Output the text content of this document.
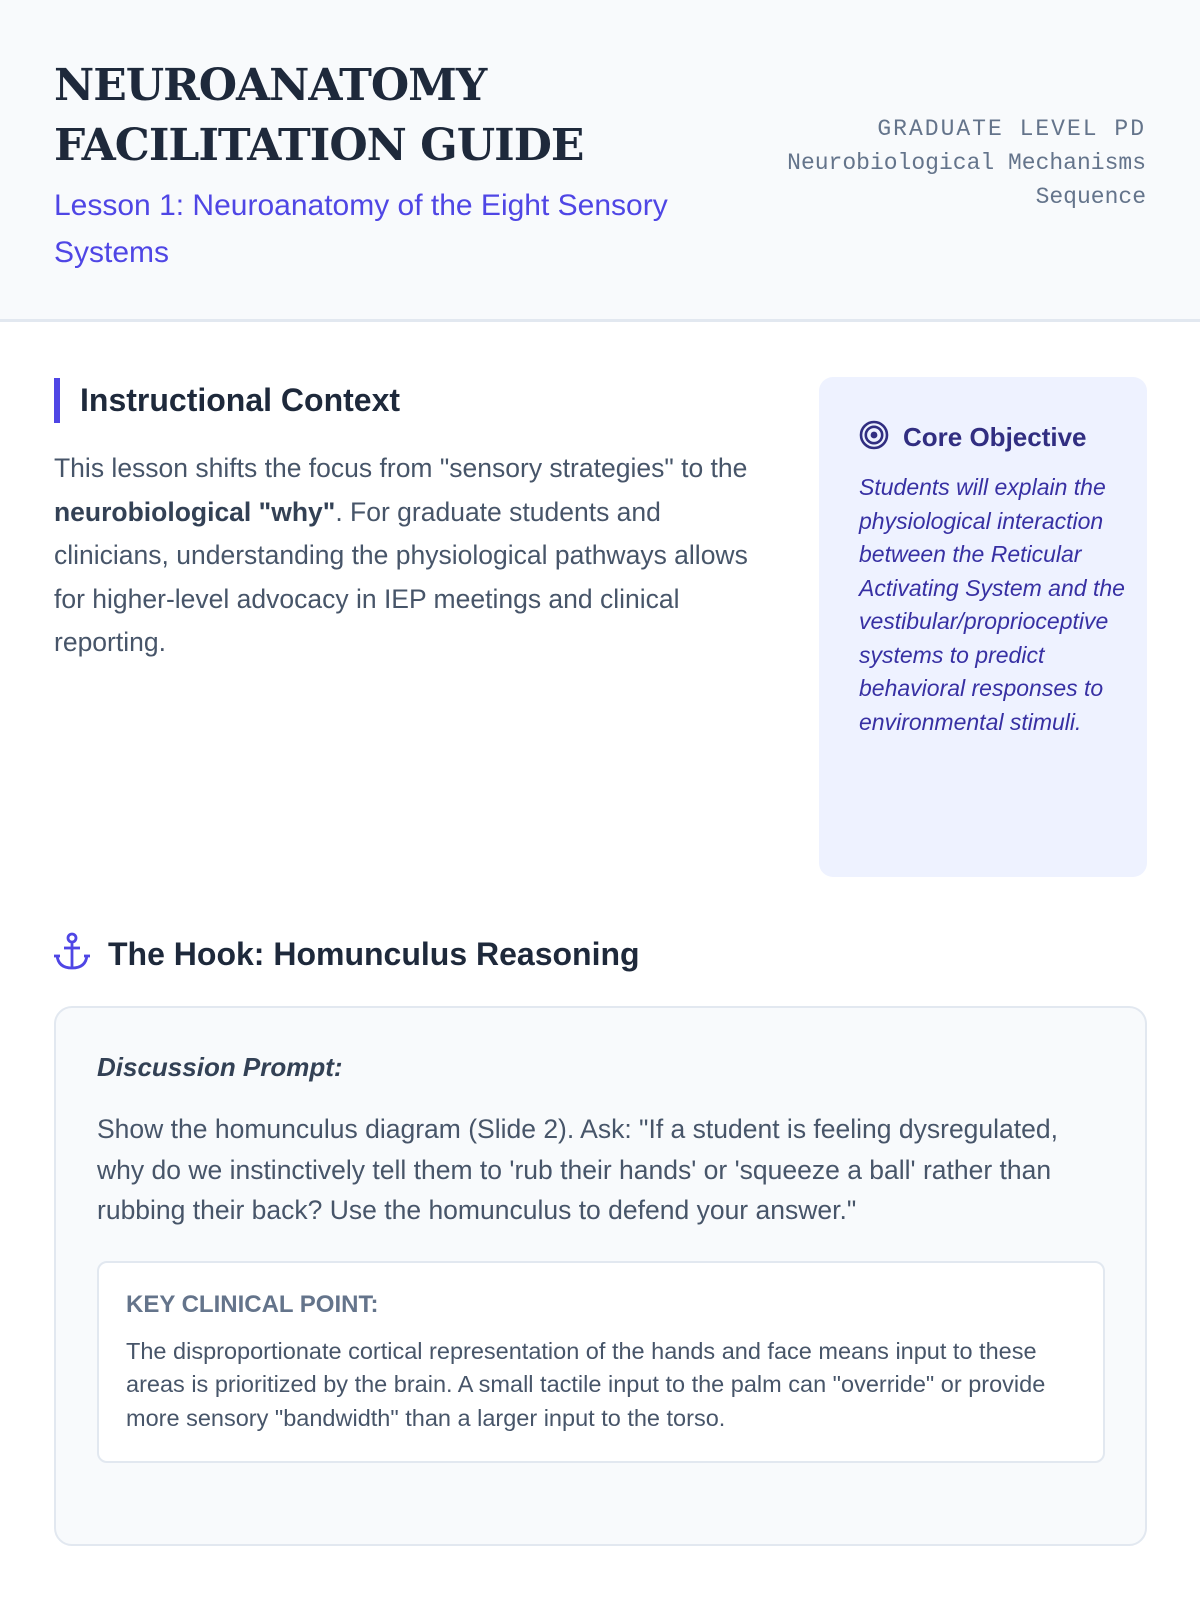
NEUROANATOMY FACILITATION GUIDE
Lesson 1: Neuroanatomy of the Eight Sensory Systems
GRADUATE LEVEL PD
Neurobiological Mechanisms
Sequence
Instructional Context

This lesson shifts the focus from "sensory strategies" to the neurobiological "why". For graduate students and clinicians, understanding the physiological pathways allows for higher-level advocacy in IEP meetings and clinical reporting.

Core Objective

Students will explain the physiological interaction between the Reticular Activating System and the vestibular/proprioceptive systems to predict behavioral responses to environmental stimuli.

The Hook: Homunculus Reasoning
Discussion Prompt:

Show the homunculus diagram (Slide 2). Ask: "If a student is feeling dysregulated, why do we instinctively tell them to 'rub their hands' or 'squeeze a ball' rather than rubbing their back? Use the homunculus to defend your answer."

KEY CLINICAL POINT:

The disproportionate cortical representation of the hands and face means input to these areas is prioritized by the brain. A small tactile input to the palm can "override" or provide more sensory "bandwidth" than a larger input to the torso.
